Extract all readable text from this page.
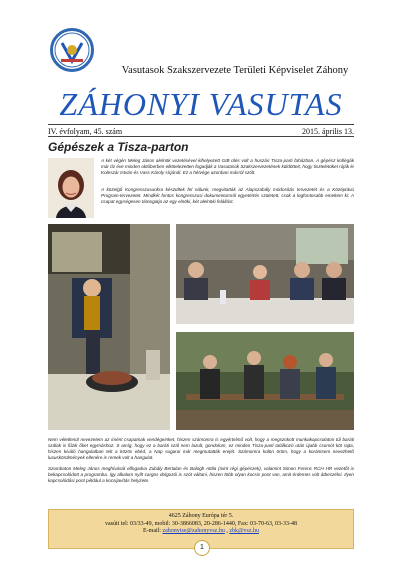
Vasutasok Szakszervezete Területi Képviselet Záhony
ZÁHONYI VASUTAS
IV. évfolyam, 45. szám	2015. április 13.
Gépészek a Tisza-parton
A két végén Meleg János alelnök vezetésével kihelyezett GIB ülés volt a huszári Tisza-parti faházban. A gépész kollégák már tíz éve minden októberben elkötelezetten fogadják a Vasutasok Szakszervezetének küldötteit, hogy tiszteletüket róják le Koleszár István és Vass Károly sírjánál. Ez a hétvége azonban másról szólt.
A közelgő Kongresszusunkra készültek fel nálunk, megvitatták az Alapszabály módosítás tervezetét és a Középtávú Program-tervezetet. Mindkét fontos kongresszusi dokumentumról egyetértés született, csak a legfontosabb emeltem ki: A csapat egységesen támogatja az egy elnöki, két alelnöki felállást.
Nem véletlenül nevezetem az imént csapatnak vendégeinket, hiszen számomra is egyértelmű volt, hogy a megszokott munkakapcsolaton túl baráti szálak is fűzik őket egymáshoz. S amíg, hogy ez a baráti szál nem lazult, gondolom, ez minden Tisza-parti találkozó után újabb csomót köt rajta, hiszen kiváló hangulatban telt a közös ebéd, a Nap sugarai már megmutatták erejét. Számomra külön öröm, hogy a korántsem nevezhető luxuskörülmények ellenére is remek volt a hangulat.
Szombaton Meleg János meghívását elfogadva Zubály Bertalan és Balogh Attila (mint régi gépészek), valamint Simon Ferenc RCH HR vezetőt is bekapcsolódott a programba. Így alkalom nyílt cargos dolgozói is szót váltani, hiszen több olyan kocsis pont van, amit érdemes volt átbeszélni. Ilyen kapcsolódási pont például a kocsijavítás helyzete.
4625 Záhony Európa tér 5.
vasúti tel: 03/33-49, mobil: 30-3866083, 20-286-1440, Fax: 03-70-63, 03-33-48
E-mail: zahonytse@zahonyvsz.hu , zbk@vsz.hu
1
